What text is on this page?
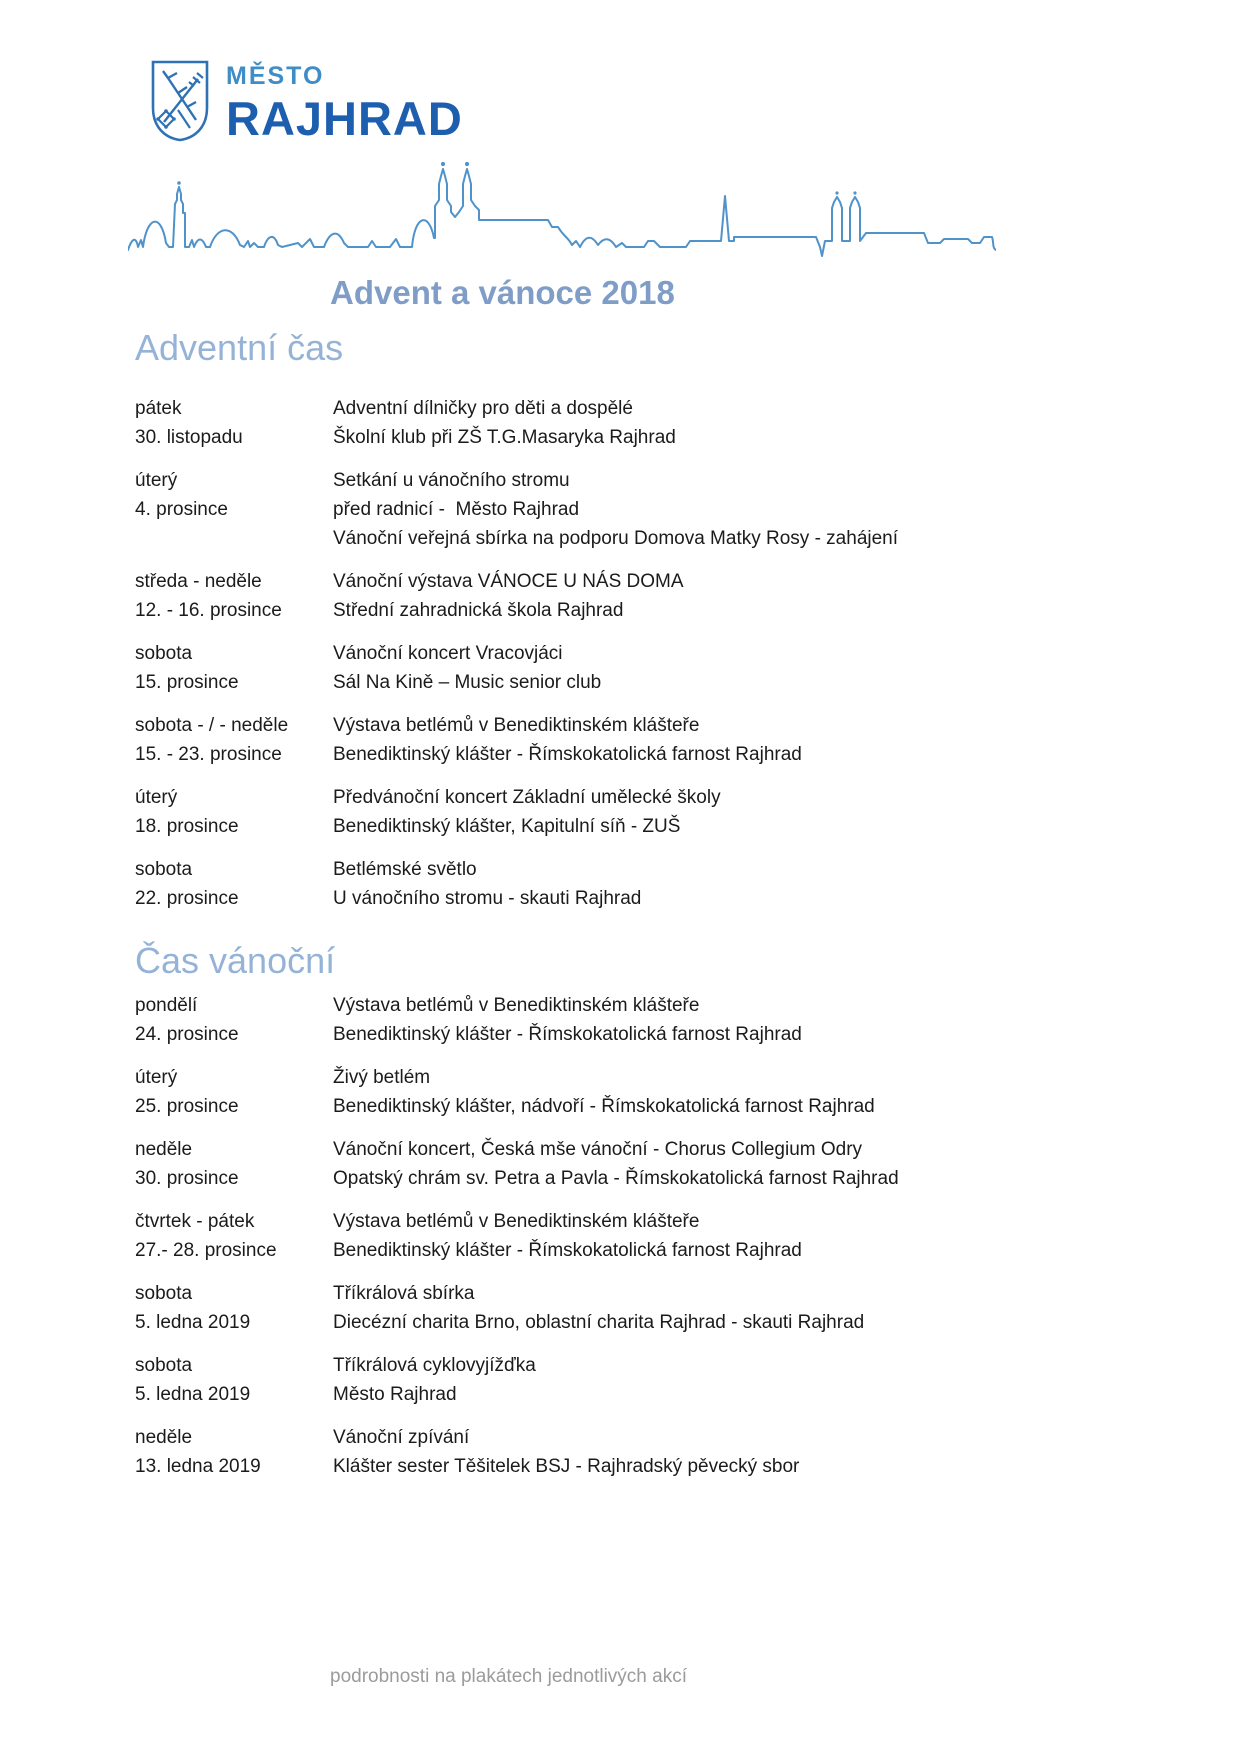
MĚSTO
RAJHRAD
Advent a vánoce 2018
Adventní čas
pátek
30. listopadu
Adventní dílničky pro děti a dospělé
Školní klub při ZŠ T.G.Masaryka Rajhrad
úterý
4. prosince
Setkání u vánočního stromu
před radnicí -  Město Rajhrad
Vánoční veřejná sbírka na podporu Domova Matky Rosy - zahájení
středa - neděle
12. - 16. prosince
Vánoční výstava VÁNOCE U NÁS DOMA
Střední zahradnická škola Rajhrad
sobota
15. prosince
Vánoční koncert Vracovjáci
Sál Na Kině – Music senior club
sobota - / - neděle
15. - 23. prosince
Výstava betlémů v Benediktinském klášteře
Benediktinský klášter - Římskokatolická farnost Rajhrad
úterý
18. prosince
Předvánoční koncert Základní umělecké školy
Benediktinský klášter, Kapitulní síň - ZUŠ
sobota
22. prosince
Betlémské světlo
U vánočního stromu - skauti Rajhrad
Čas vánoční
pondělí
24. prosince
Výstava betlémů v Benediktinském klášteře
Benediktinský klášter - Římskokatolická farnost Rajhrad
úterý
25. prosince
Živý betlém
Benediktinský klášter, nádvoří - Římskokatolická farnost Rajhrad
neděle
30. prosince
Vánoční koncert, Česká mše vánoční - Chorus Collegium Odry
Opatský chrám sv. Petra a Pavla - Římskokatolická farnost Rajhrad
čtvrtek - pátek
27.- 28. prosince
Výstava betlémů v Benediktinském klášteře
Benediktinský klášter - Římskokatolická farnost Rajhrad
sobota
5. ledna 2019
Tříkrálová sbírka
Diecézní charita Brno, oblastní charita Rajhrad - skauti Rajhrad
sobota
5. ledna 2019
Tříkrálová cyklovyjížďka
Město Rajhrad
neděle
13. ledna 2019
Vánoční zpívání
Klášter sester Těšitelek BSJ - Rajhradský pěvecký sbor
podrobnosti na plakátech jednotlivých akcí
